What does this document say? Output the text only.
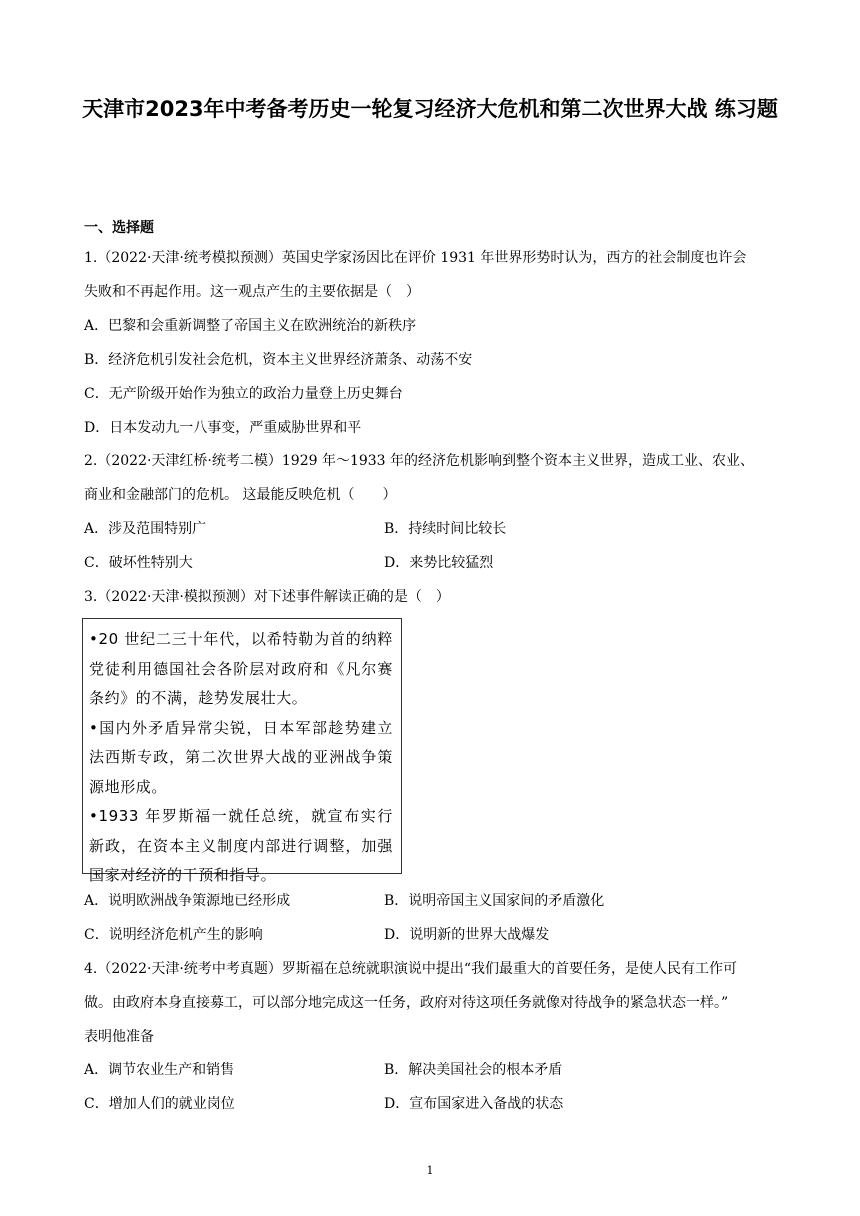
天津市2023年中考备考历史一轮复习经济大危机和第二次世界大战 练习题
一、选择题
1.（2022·天津·统考模拟预测）英国史学家汤因比在评价 1931 年世界形势时认为，西方的社会制度也许会
失败和不再起作用。这一观点产生的主要依据是（　）
A．巴黎和会重新调整了帝国主义在欧洲统治的新秩序
B．经济危机引发社会危机，资本主义世界经济萧条、动荡不安
C．无产阶级开始作为独立的政治力量登上历史舞台
D．日本发动九一八事变，严重威胁世界和平
2.（2022·天津红桥·统考二模）1929 年～1933 年的经济危机影响到整个资本主义世界，造成工业、农业、
商业和金融部门的危机。 这最能反映危机（　　）
A．涉及范围特别广	B．持续时间比较长
C．破坏性特别大	D．来势比较猛烈
3.（2022·天津·模拟预测）对下述事件解读正确的是（　）
•20 世纪二三十年代，以希特勒为首的纳粹党徒利用德国社会各阶层对政府和《凡尔赛条约》的不满，趁势发展壮大。
•国内外矛盾异常尖锐，日本军部趁势建立法西斯专政，第二次世界大战的亚洲战争策源地形成。
•1933 年罗斯福一就任总统，就宣布实行新政，在资本主义制度内部进行调整，加强国家对经济的干预和指导。
A．说明欧洲战争策源地已经形成	B．说明帝国主义国家间的矛盾激化
C．说明经济危机产生的影响	D．说明新的世界大战爆发
4.（2022·天津·统考中考真题）罗斯福在总统就职演说中提出“我们最重大的首要任务，是使人民有工作可
做。由政府本身直接募工，可以部分地完成这一任务，政府对待这项任务就像对待战争的紧急状态一样。”
表明他准备
A．调节农业生产和销售	B．解决美国社会的根本矛盾
C．增加人们的就业岗位	D．宣布国家进入备战的状态
1
